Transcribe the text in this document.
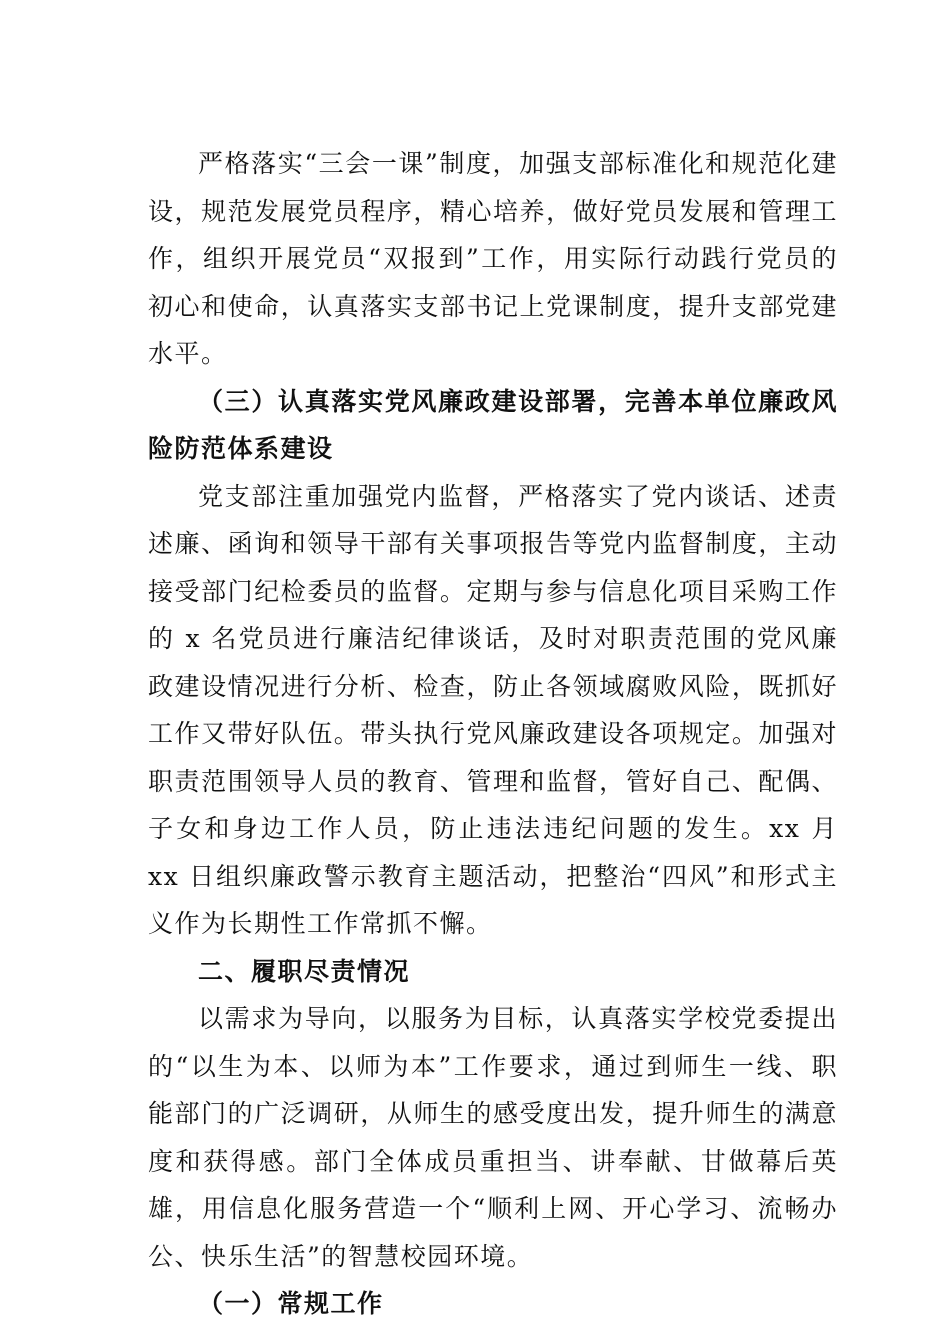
严格落实“三会一课”制度，加强支部标准化和规范化建设，规范发展党员程序，精心培养，做好党员发展和管理工作，组织开展党员“双报到”工作，用实际行动践行党员的初心和使命，认真落实支部书记上党课制度，提升支部党建水平。

（三）认真落实党风廉政建设部署，完善本单位廉政风险防范体系建设

党支部注重加强党内监督，严格落实了党内谈话、述责述廉、函询和领导干部有关事项报告等党内监督制度，主动接受部门纪检委员的监督。定期与参与信息化项目采购工作的 x 名党员进行廉洁纪律谈话，及时对职责范围的党风廉政建设情况进行分析、检查，防止各领域腐败风险，既抓好工作又带好队伍。带头执行党风廉政建设各项规定。加强对职责范围领导人员的教育、管理和监督，管好自己、配偶、子女和身边工作人员，防止违法违纪问题的发生。xx 月 xx 日组织廉政警示教育主题活动，把整治“四风”和形式主义作为长期性工作常抓不懈。

二、履职尽责情况

以需求为导向，以服务为目标，认真落实学校党委提出的“以生为本、以师为本”工作要求，通过到师生一线、职能部门的广泛调研，从师生的感受度出发，提升师生的满意度和获得感。部门全体成员重担当、讲奉献、甘做幕后英雄，用信息化服务营造一个“顺利上网、开心学习、流畅办公、快乐生活”的智慧校园环境。

（一）常规工作
